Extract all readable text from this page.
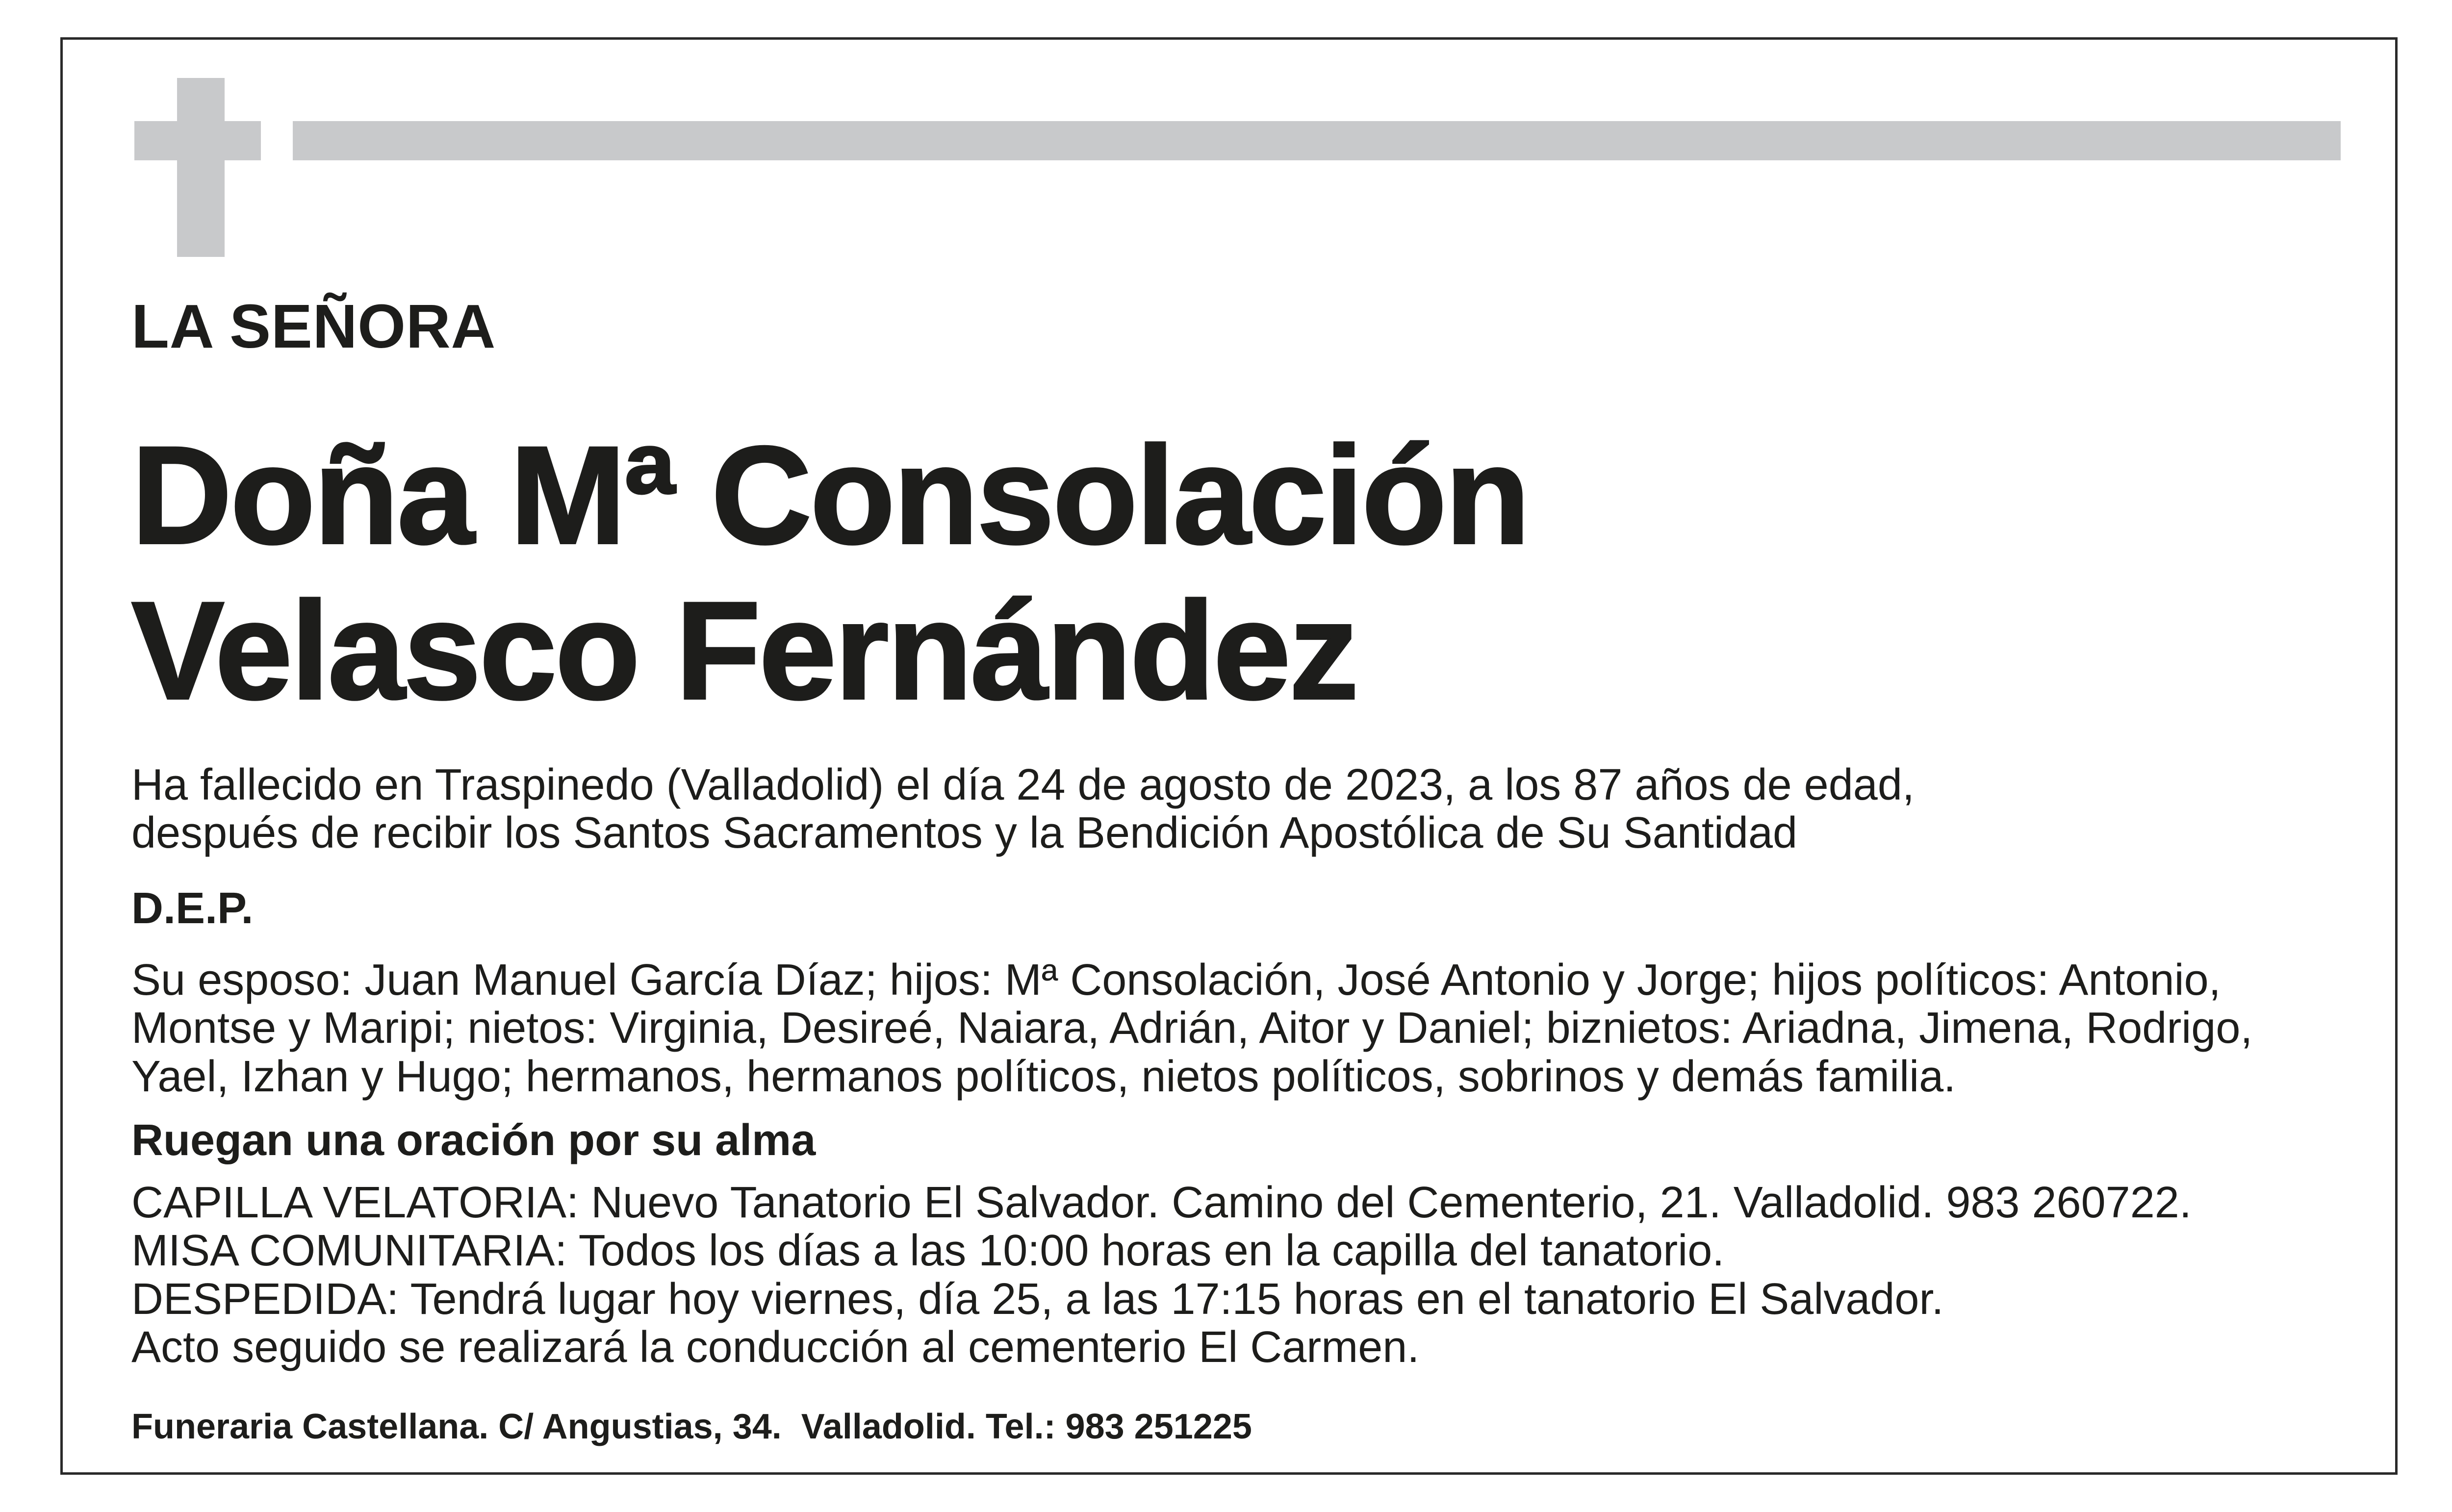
LA SEÑORA
Doña Mª Consolación
Velasco Fernández
Ha fallecido en Traspinedo (Valladolid) el día 24 de agosto de 2023, a los 87 años de edad,
después de recibir los Santos Sacramentos y la Bendición Apostólica de Su Santidad
D.E.P.
Su esposo: Juan Manuel García Díaz; hijos: Mª Consolación, José Antonio y Jorge; hijos políticos: Antonio,
Montse y Maripi; nietos: Virginia, Desireé, Naiara, Adrián, Aitor y Daniel; biznietos: Ariadna, Jimena, Rodrigo,
Yael, Izhan y Hugo; hermanos, hermanos políticos, nietos políticos, sobrinos y demás familia.
Ruegan una oración por su alma
CAPILLA VELATORIA: Nuevo Tanatorio El Salvador. Camino del Cementerio, 21. Valladolid. 983 260722.
MISA COMUNITARIA: Todos los días a las 10:00 horas en la capilla del tanatorio.
DESPEDIDA: Tendrá lugar hoy viernes, día 25, a las 17:15 horas en el tanatorio El Salvador.
Acto seguido se realizará la conducción al cementerio El Carmen.
Funeraria Castellana. C/ Angustias, 34.  Valladolid. Tel.: 983 251225
